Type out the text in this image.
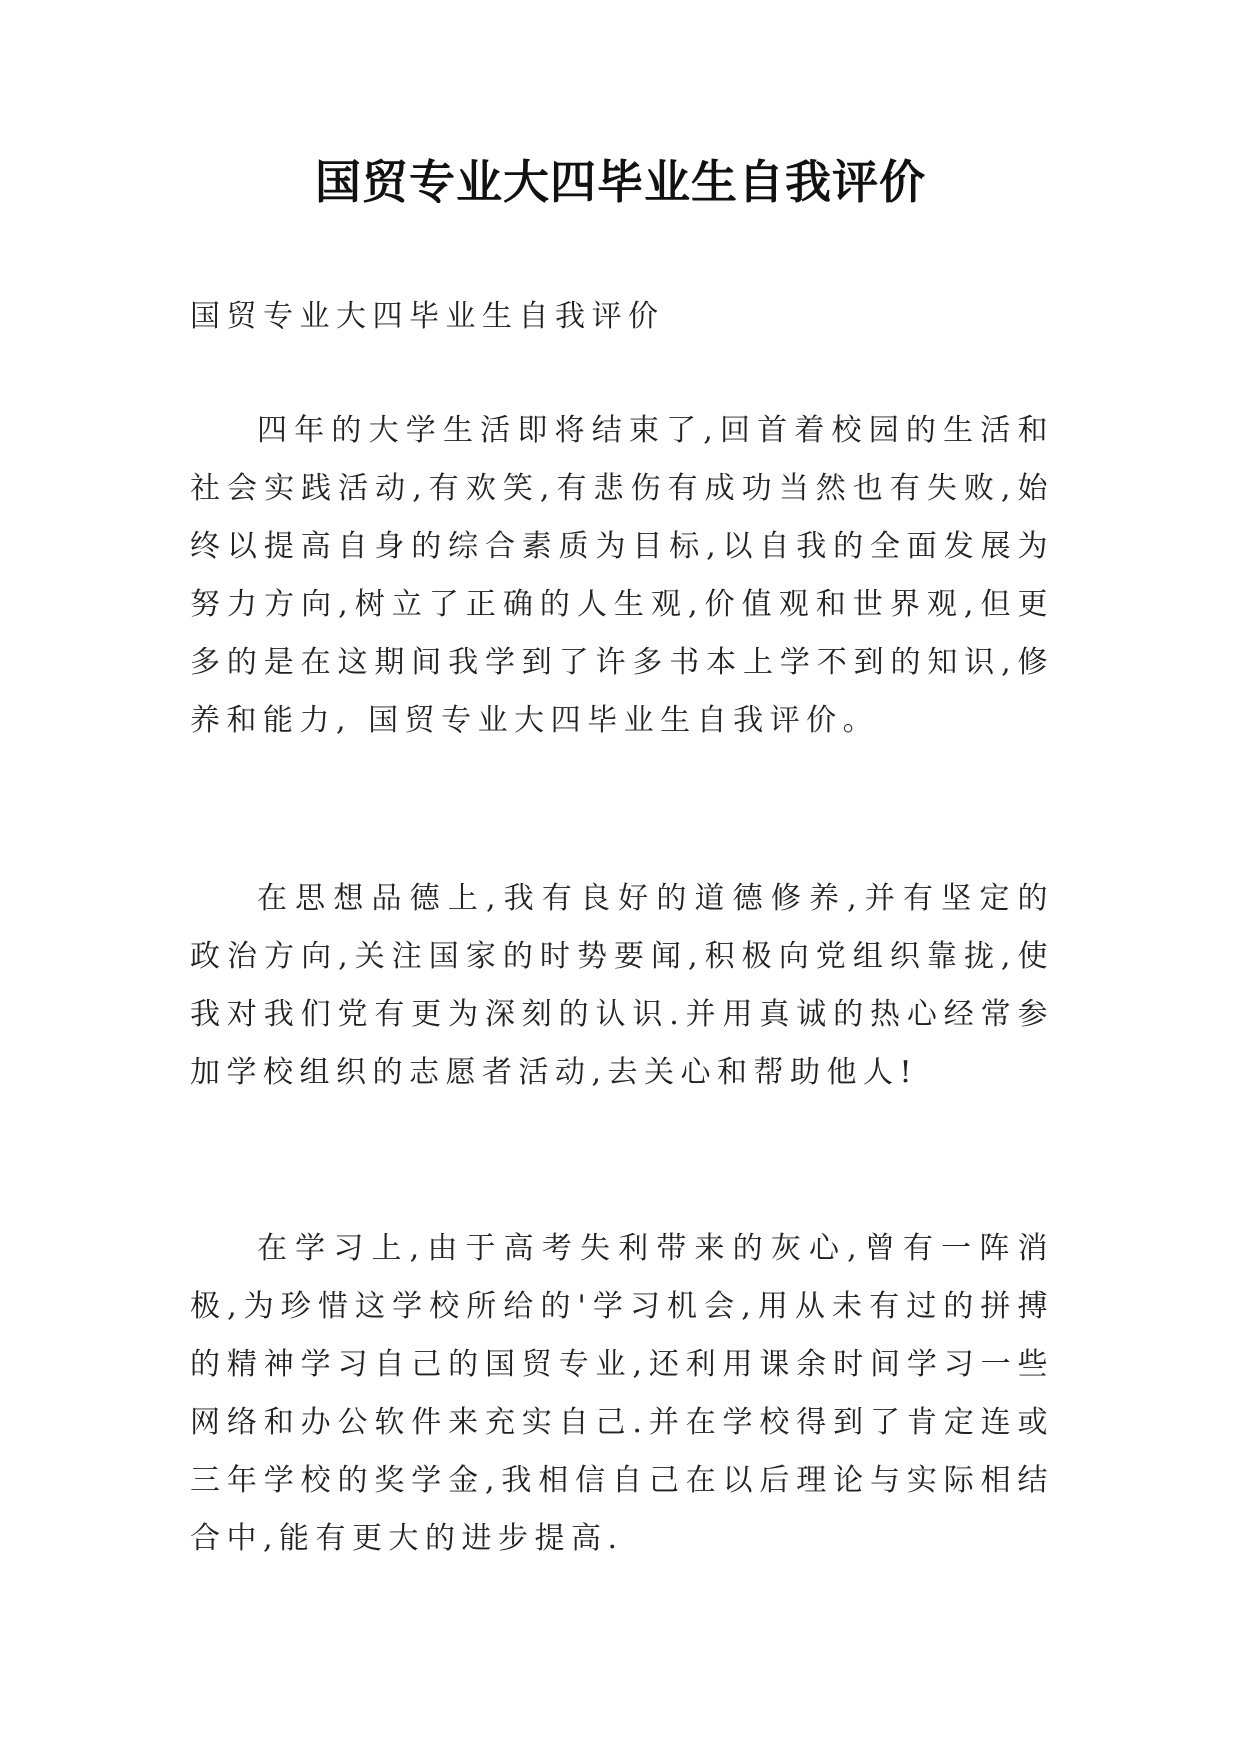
国贸专业大四毕业生自我评价
国贸专业大四毕业生自我评价
四年的大学生活即将结束了,回首着校园的生活和社会实践活动,有欢笑,有悲伤有成功当然也有失败,始终以提高自身的综合素质为目标,以自我的全面发展为努力方向,树立了正确的人生观,价值观和世界观,但更多的是在这期间我学到了许多书本上学不到的知识,修养和能力, 国贸专业大四毕业生自我评价。
在思想品德上,我有良好的道德修养,并有坚定的政治方向,关注国家的时势要闻,积极向党组织靠拢,使我对我们党有更为深刻的认识.并用真诚的热心经常参加学校组织的志愿者活动,去关心和帮助他人!
在学习上,由于高考失利带来的灰心,曾有一阵消极,为珍惜这学校所给的'学习机会,用从未有过的拼搏的精神学习自己的国贸专业,还利用课余时间学习一些网络和办公软件来充实自己.并在学校得到了肯定连或三年学校的奖学金,我相信自己在以后理论与实际相结合中,能有更大的进步提高.
